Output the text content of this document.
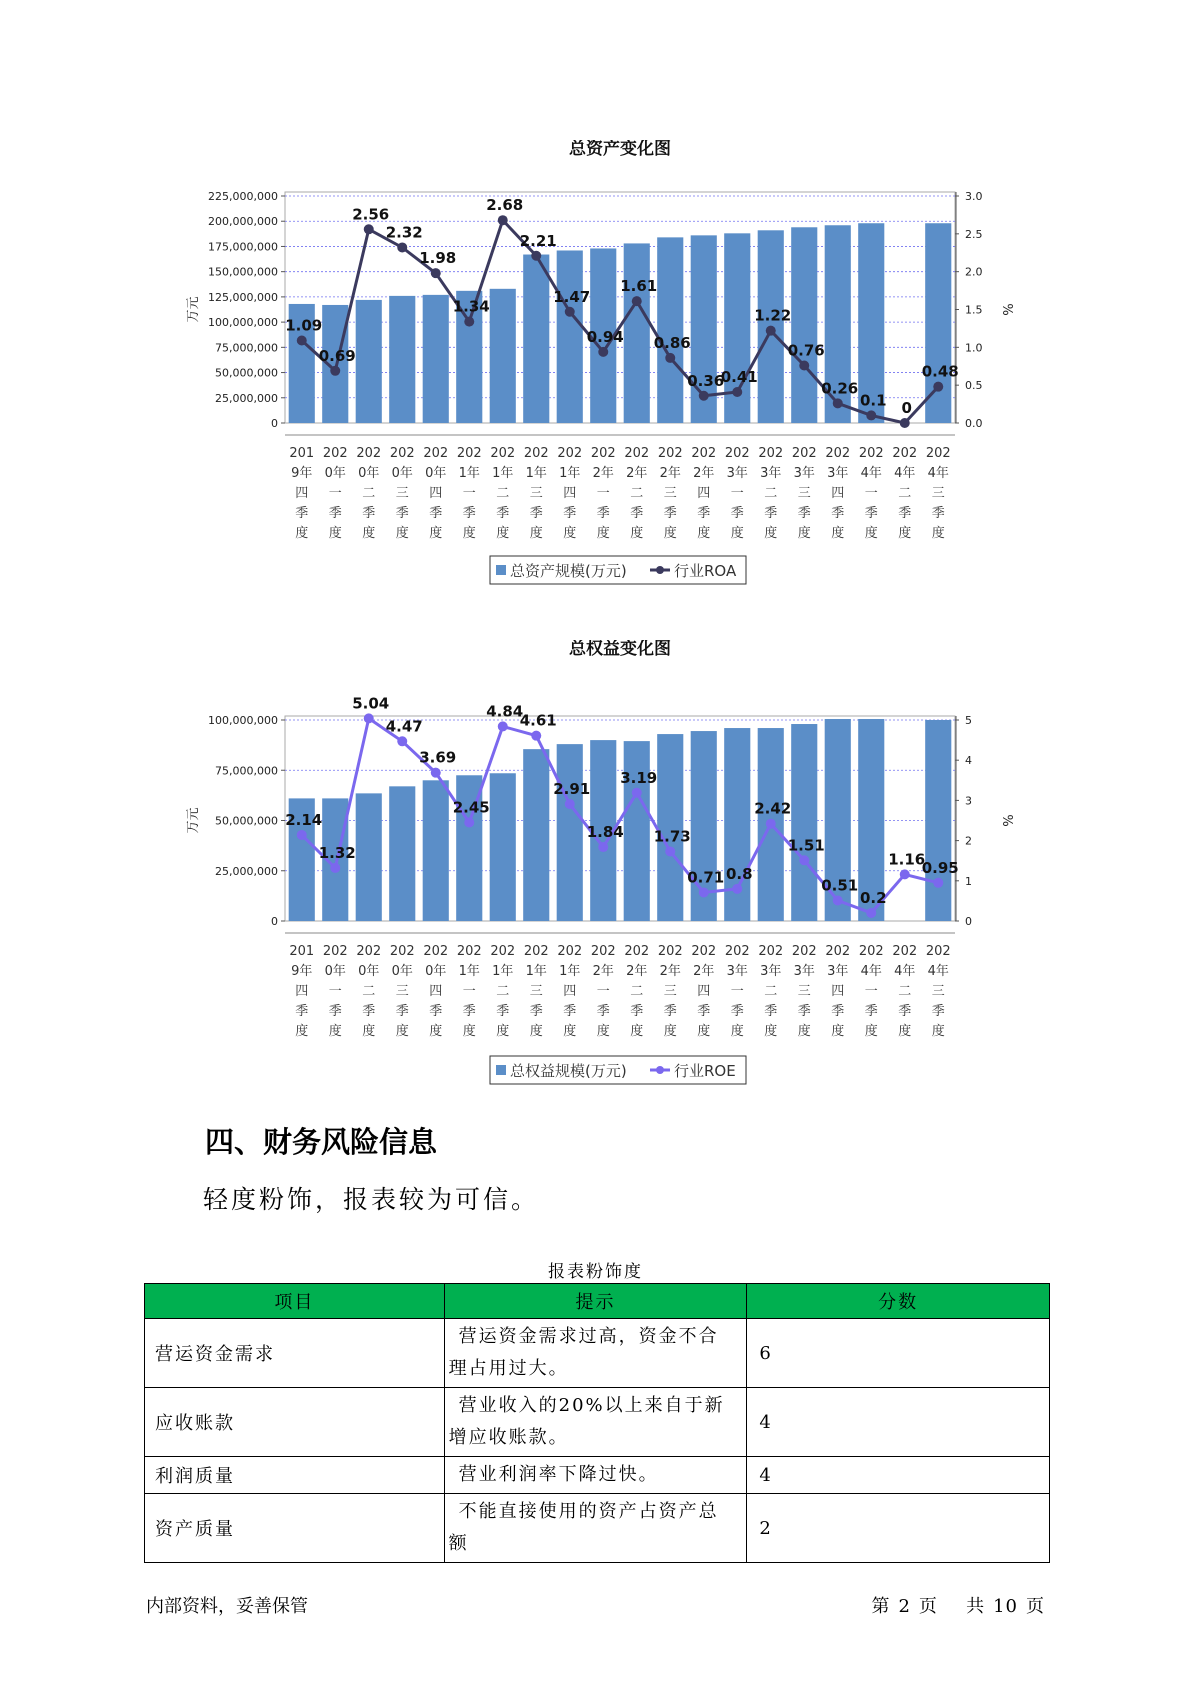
总资产变化图
225,000,000
200,000,000
175,000,000
150,000,000
125,000,000
100,000,000
75,000,000
50,000,000
25,000,000
0
3.0
2.5
2.0
1.5
1.0
0.5
0.0
万元	%
201
9年
四
季
度
202
0年
一
季
度
202
0年
二
季
度
202
0年
三
季
度
202
0年
四
季
度
202
1年
一
季
度
202
1年
二
季
度
202
1年
三
季
度
202
1年
四
季
度
202
2年
一
季
度
202
2年
二
季
度
202
2年
三
季
度
202
2年
四
季
度
202
3年
一
季
度
202
3年
二
季
度
202
3年
三
季
度
202
3年
四
季
度
202
4年
一
季
度
202
4年
二
季
度
202
4年
三
季
度
1.09
0.69
2.56
2.32
1.98
1.34
2.68
2.21
1.47
0.94
1.61
0.86
0.36
0.41
1.22
0.76
0.26
0.1 0
0.48
总资产规模(万元)	行业ROA
总权益变化图
100,000,000
75,000,000
50,000,000
25,000,000
0
5
4
3
2
1
0
万元	%
201
9年
四
季
度
202
0年
一
季
度
202
0年
二
季
度
202
0年
三
季
度
202
0年
四
季
度
202
1年
一
季
度
202
1年
二
季
度
202
1年
三
季
度
202
1年
四
季
度
202
2年
一
季
度
202
2年
二
季
度
202
2年
三
季
度
202
2年
四
季
度
202
3年
一
季
度
202
3年
二
季
度
202
3年
三
季
度
202
3年
四
季
度
202
4年
一
季
度
202
4年
二
季
度
202
4年
三
季
度
2.14
1.32
5.04
4.47
3.69
2.45
4.84
4.61
2.91
1.84
3.19
1.73
0.71 0.8
2.42
1.51
0.51
0.2
1.16
0.95
总权益规模(万元)	行业ROE
四、财务风险信息

轻度粉饰，报表较为可信。

报表粉饰度
项目	提示	分数
营运资金需求	营运资金需求过高，资金不合理占用过大。	6
应收账款	营业收入的20%以上来自于新增应收账款。	4
利润质量	营业利润率下降过快。	4
资产质量	不能直接使用的资产占资产总额	2
内部资料，妥善保管	第 2 页 共 10 页
